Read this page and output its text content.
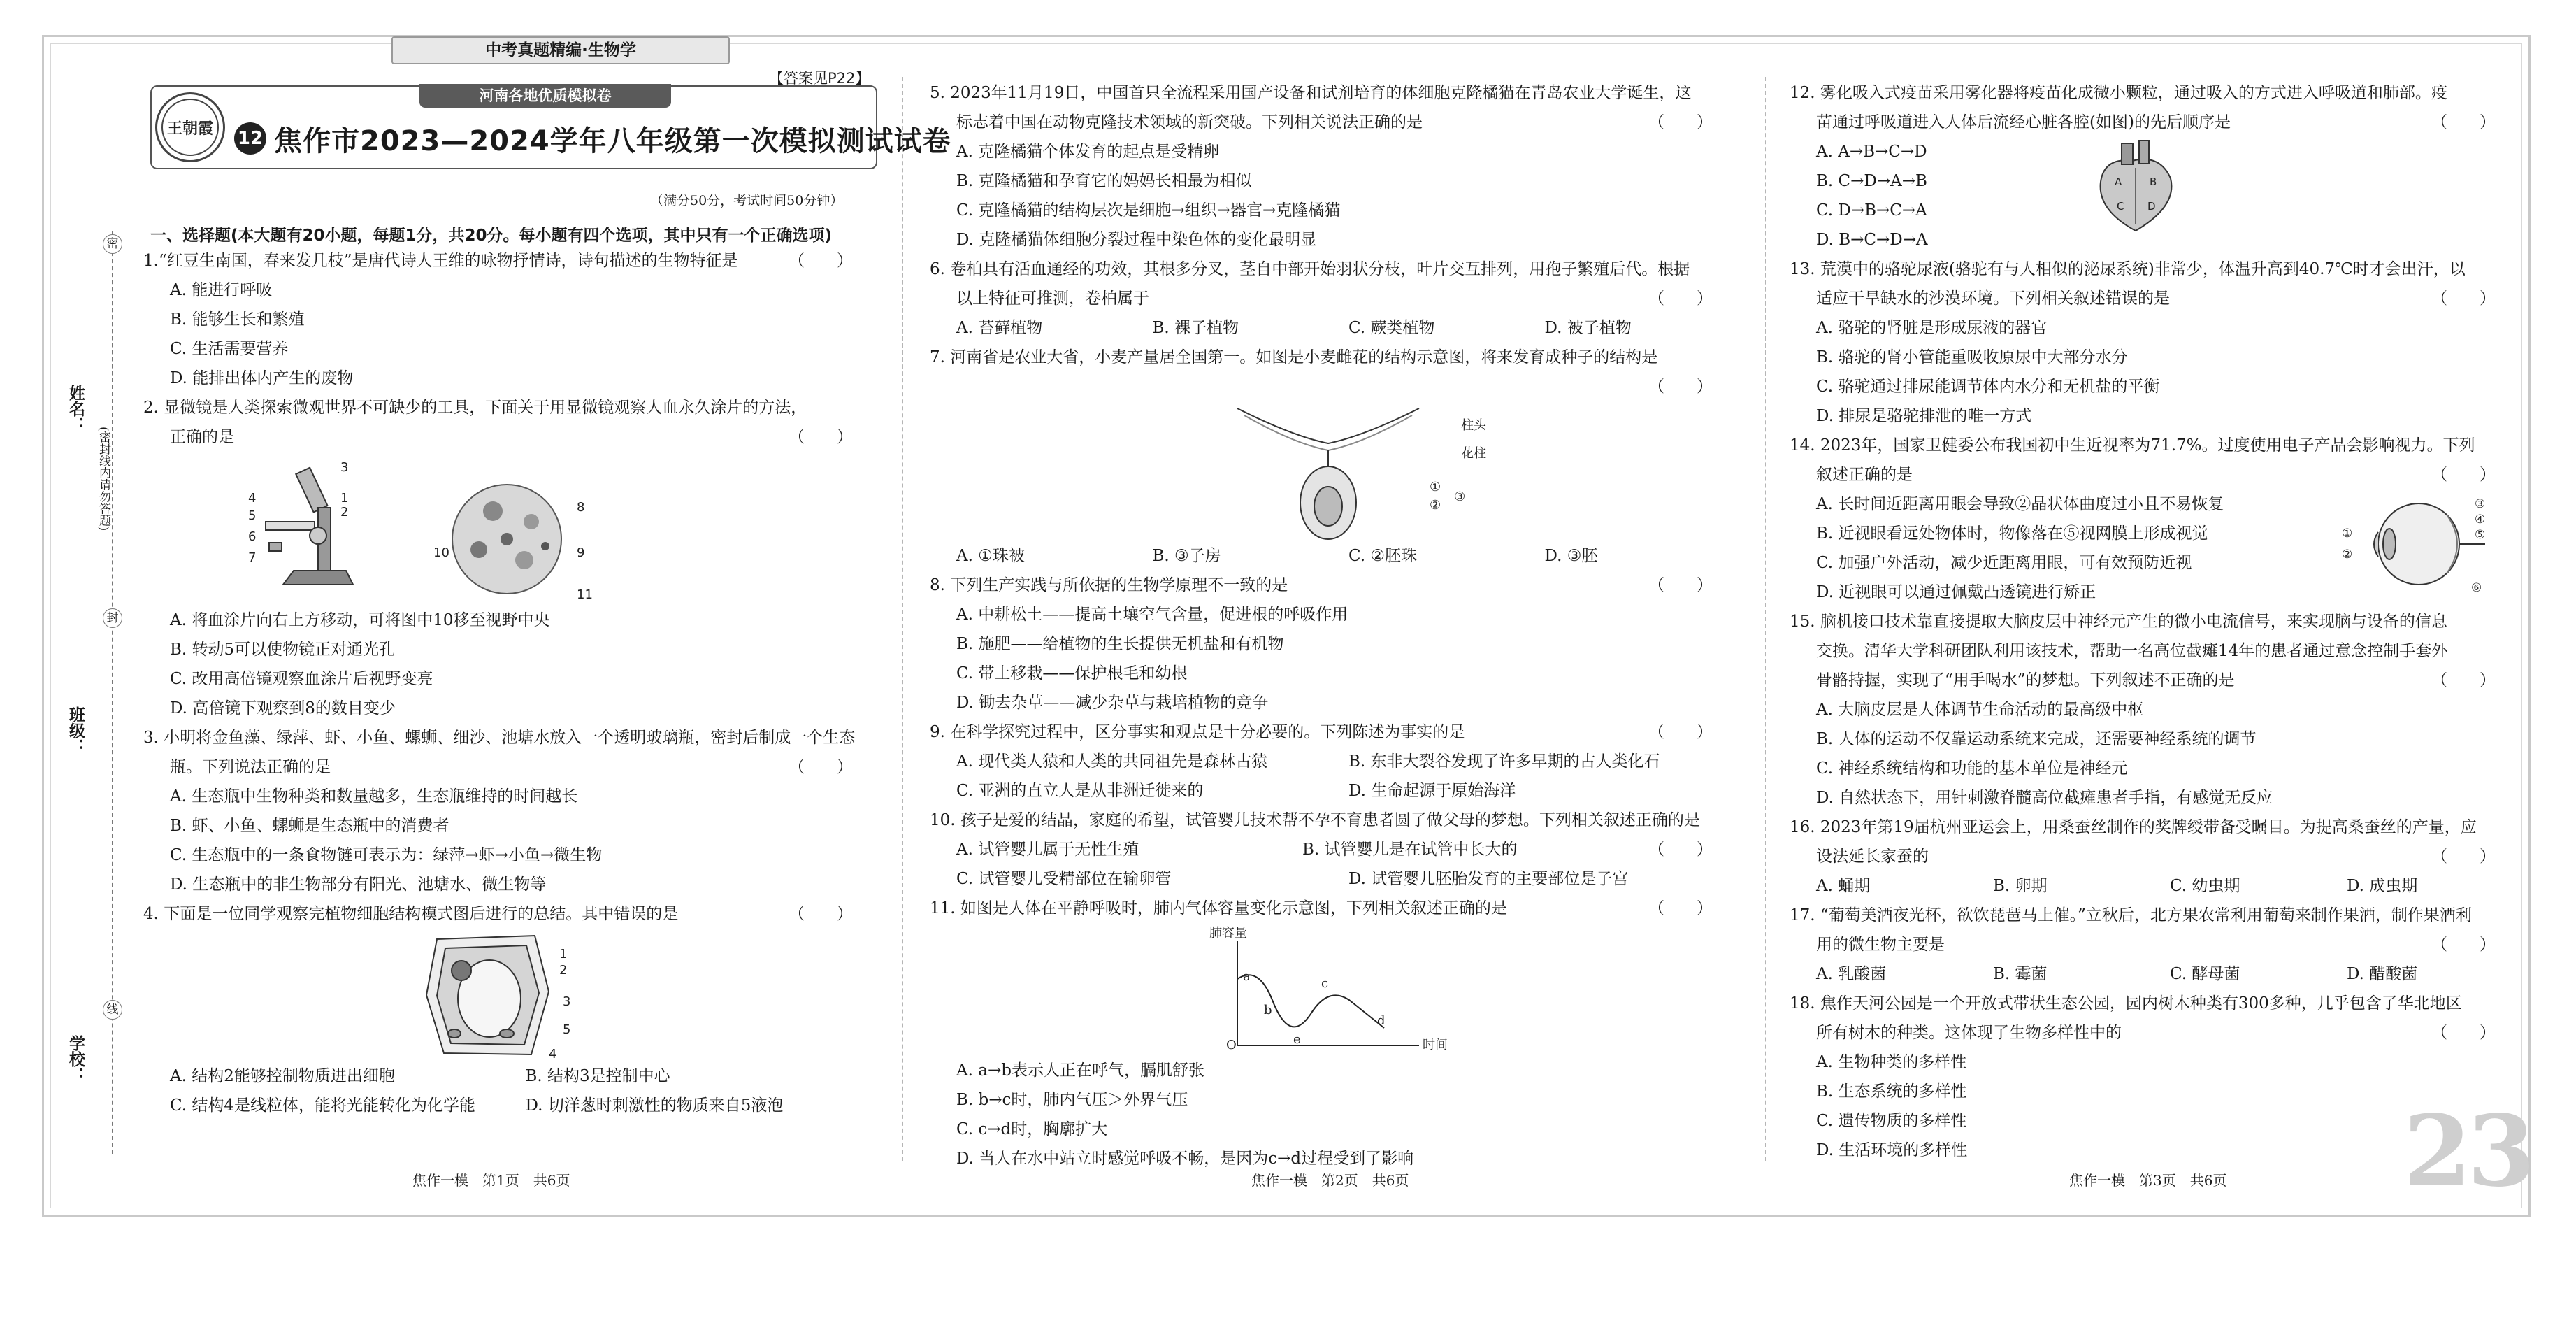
中考真题精编·生物学
【答案见P22】
河南各地优质模拟卷
王朝霞 12 焦作市2023—2024学年八年级第一次模拟测试试卷
（满分50分，考试时间50分钟）
一、选择题(本大题有20小题，每题1分，共20分。每小题有四个选项，其中只有一个正确选项)
姓名：
班级：
学校：
(密封线内请勿答题)
密
封
线
1.“红豆生南国，春来发几枝”是唐代诗人王维的咏物抒情诗，诗句描述的生物特征是	（　　）
A. 能进行呼吸
B. 能够生长和繁殖
C. 生活需要营养
D. 能排出体内产生的废物
2. 显微镜是人类探索微观世界不可缺少的工具，下面关于用显微镜观察人血永久涂片的方法，
正确的是	（　　）
3
1
2
4
5
6
7
8
9
10
11
A. 将血涂片向右上方移动，可将图中10移至视野中央
B. 转动5可以使物镜正对通光孔
C. 改用高倍镜观察血涂片后视野变亮
D. 高倍镜下观察到8的数目变少
3. 小明将金鱼藻、绿萍、虾、小鱼、螺蛳、细沙、池塘水放入一个透明玻璃瓶，密封后制成一个生态
瓶。下列说法正确的是	（　　）
A. 生态瓶中生物种类和数量越多，生态瓶维持的时间越长
B. 虾、小鱼、螺蛳是生态瓶中的消费者
C. 生态瓶中的一条食物链可表示为：绿萍→虾→小鱼→微生物
D. 生态瓶中的非生物部分有阳光、池塘水、微生物等
4. 下面是一位同学观察完植物细胞结构模式图后进行的总结。其中错误的是	（　　）
1
2
3
5
4
A. 结构2能够控制物质进出细胞	B. 结构3是控制中心
C. 结构4是线粒体，能将光能转化为化学能	D. 切洋葱时刺激性的物质来自5液泡
5. 2023年11月19日，中国首只全流程采用国产设备和试剂培育的体细胞克隆橘猫在青岛农业大学诞生，这
标志着中国在动物克隆技术领域的新突破。下列相关说法正确的是	（　　）
A. 克隆橘猫个体发育的起点是受精卵
B. 克隆橘猫和孕育它的妈妈长相最为相似
C. 克隆橘猫的结构层次是细胞→组织→器官→克隆橘猫
D. 克隆橘猫体细胞分裂过程中染色体的变化最明显
6. 卷柏具有活血通经的功效，其根多分叉，茎自中部开始羽状分枝，叶片交互排列，用孢子繁殖后代。根据
以上特征可推测，卷柏属于	（　　）
A. 苔藓植物	B. 裸子植物	C. 蕨类植物	D. 被子植物
7. 河南省是农业大省，小麦产量居全国第一。如图是小麦雌花的结构示意图，将来发育成种子的结构是
（　　）
柱头
花柱
①
②
③
A. ①珠被	B. ③子房	C. ②胚珠	D. ③胚
8. 下列生产实践与所依据的生物学原理不一致的是	（　　）
A. 中耕松土——提高土壤空气含量，促进根的呼吸作用
B. 施肥——给植物的生长提供无机盐和有机物
C. 带土移栽——保护根毛和幼根
D. 锄去杂草——减少杂草与栽培植物的竞争
9. 在科学探究过程中，区分事实和观点是十分必要的。下列陈述为事实的是	（　　）
A. 现代类人猿和人类的共同祖先是森林古猿	B. 东非大裂谷发现了许多早期的古人类化石
C. 亚洲的直立人是从非洲迁徙来的	D. 生命起源于原始海洋
10. 孩子是爱的结晶，家庭的希望，试管婴儿技术帮不孕不育患者圆了做父母的梦想。下列相关叙述正确的是
（　　）
A. 试管婴儿属于无性生殖	B. 试管婴儿是在试管中长大的
C. 试管婴儿受精部位在输卵管	D. 试管婴儿胚胎发育的主要部位是子宫
11. 如图是人体在平静呼吸时，肺内气体容量变化示意图，下列相关叙述正确的是	（　　）
肺容量
a
b
c
d
e
O	时间
A. a→b表示人正在呼气，膈肌舒张
B. b→c时，肺内气压＞外界气压
C. c→d时，胸廓扩大
D. 当人在水中站立时感觉呼吸不畅，是因为c→d过程受到了影响
12. 雾化吸入式疫苗采用雾化器将疫苗化成微小颗粒，通过吸入的方式进入呼吸道和肺部。疫
苗通过呼吸道进入人体后流经心脏各腔(如图)的先后顺序是	（　　）
A. A→B→C→D
B. C→D→A→B
C. D→B→C→A
D. B→C→D→A
A	B
C D
13. 荒漠中的骆驼尿液(骆驼有与人相似的泌尿系统)非常少，体温升高到40.7℃时才会出汗，以
适应干旱缺水的沙漠环境。下列相关叙述错误的是	（　　）
A. 骆驼的肾脏是形成尿液的器官
B. 骆驼的肾小管能重吸收原尿中大部分水分
C. 骆驼通过排尿能调节体内水分和无机盐的平衡
D. 排尿是骆驼排泄的唯一方式
14. 2023年，国家卫健委公布我国初中生近视率为71.7%。过度使用电子产品会影响视力。下列
叙述正确的是	（　　）
A. 长时间近距离用眼会导致②晶状体曲度过小且不易恢复
B. 近视眼看远处物体时，物像落在⑤视网膜上形成视觉
C. 加强户外活动，减少近距离用眼，可有效预防近视
D. 近视眼可以通过佩戴凸透镜进行矫正
①
②
③
④
⑤
⑥
15. 脑机接口技术靠直接提取大脑皮层中神经元产生的微小电流信号，来实现脑与设备的信息
交换。清华大学科研团队利用该技术，帮助一名高位截瘫14年的患者通过意念控制手套外
骨骼持握，实现了“用手喝水”的梦想。下列叙述不正确的是	（　　）
A. 大脑皮层是人体调节生命活动的最高级中枢
B. 人体的运动不仅靠运动系统来完成，还需要神经系统的调节
C. 神经系统结构和功能的基本单位是神经元
D. 自然状态下，用针刺激脊髓高位截瘫患者手指，有感觉无反应
16. 2023年第19届杭州亚运会上，用桑蚕丝制作的奖牌绶带备受瞩目。为提高桑蚕丝的产量，应
设法延长家蚕的	（　　）
A. 蛹期	B. 卵期	C. 幼虫期	D. 成虫期
17. “葡萄美酒夜光杯，欲饮琵琶马上催。”立秋后，北方果农常利用葡萄来制作果酒，制作果酒利
用的微生物主要是	（　　）
A. 乳酸菌	B. 霉菌	C. 酵母菌	D. 醋酸菌
18. 焦作天河公园是一个开放式带状生态公园，园内树木种类有300多种，几乎包含了华北地区
所有树木的种类。这体现了生物多样性中的	（　　）
A. 生物种类的多样性
B. 生态系统的多样性
C. 遗传物质的多样性
D. 生活环境的多样性
焦作一模　第1页　共6页	焦作一模　第2页　共6页	焦作一模　第3页　共6页 23
